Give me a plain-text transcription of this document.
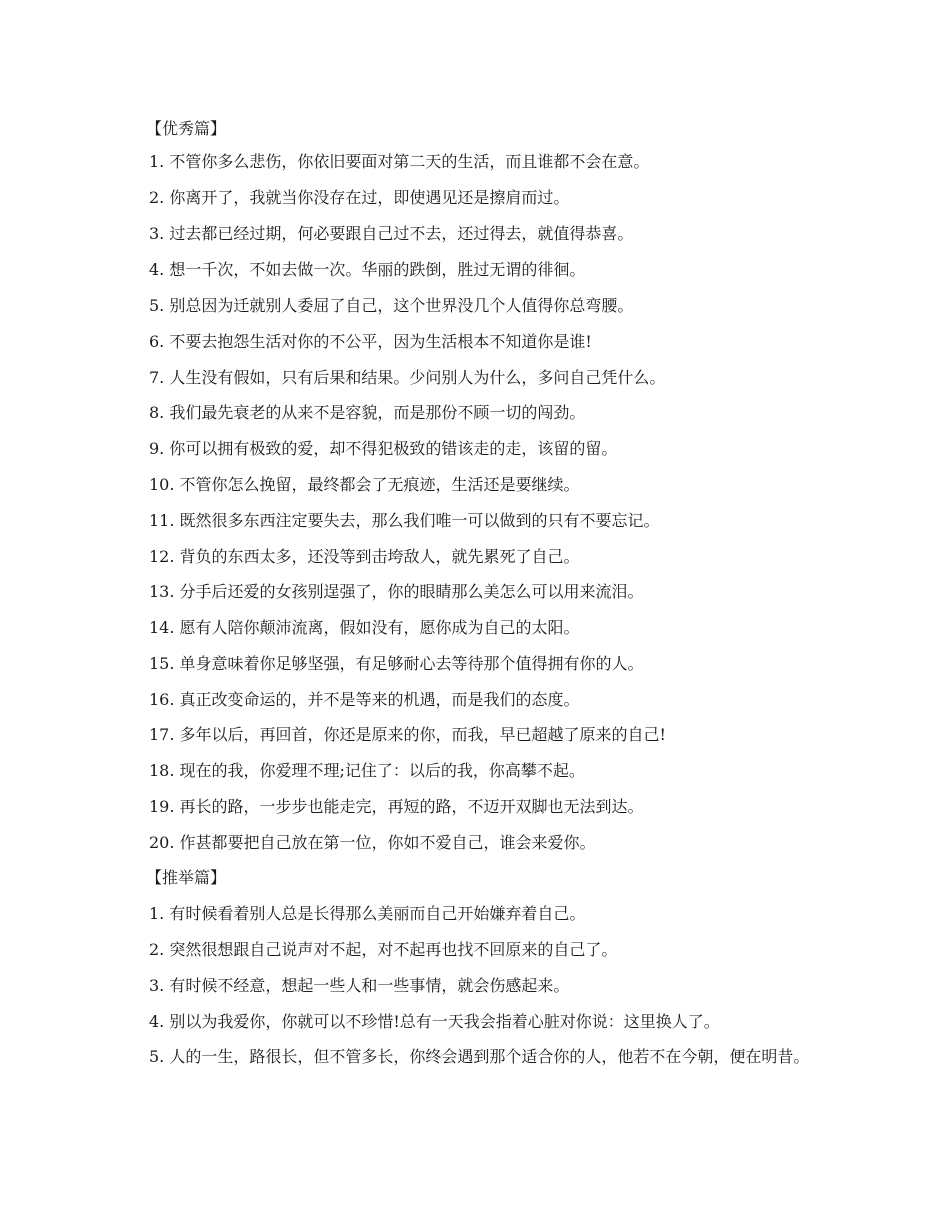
【优秀篇】
1. 不管你多么悲伤，你依旧要面对第二天的生活，而且谁都不会在意。
2. 你离开了，我就当你没存在过，即使遇见还是擦肩而过。
3. 过去都已经过期，何必要跟自己过不去，还过得去，就值得恭喜。
4. 想一千次，不如去做一次。华丽的跌倒，胜过无谓的徘徊。
5. 别总因为迁就别人委屈了自己，这个世界没几个人值得你总弯腰。
6. 不要去抱怨生活对你的不公平，因为生活根本不知道你是谁!
7. 人生没有假如，只有后果和结果。少问别人为什么，多问自己凭什么。
8. 我们最先衰老的从来不是容貌，而是那份不顾一切的闯劲。
9. 你可以拥有极致的爱，却不得犯极致的错该走的走，该留的留。
10. 不管你怎么挽留，最终都会了无痕迹，生活还是要继续。
11. 既然很多东西注定要失去，那么我们唯一可以做到的只有不要忘记。
12. 背负的东西太多，还没等到击垮敌人，就先累死了自己。
13. 分手后还爱的女孩别逞强了，你的眼睛那么美怎么可以用来流泪。
14. 愿有人陪你颠沛流离，假如没有，愿你成为自己的太阳。
15. 单身意味着你足够坚强，有足够耐心去等待那个值得拥有你的人。
16. 真正改变命运的，并不是等来的机遇，而是我们的态度。
17. 多年以后，再回首，你还是原来的你，而我，早已超越了原来的自己!
18. 现在的我，你爱理不理;记住了：以后的我，你高攀不起。
19. 再长的路，一步步也能走完，再短的路，不迈开双脚也无法到达。
20. 作甚都要把自己放在第一位，你如不爱自己，谁会来爱你。
【推举篇】
1. 有时候看着别人总是长得那么美丽而自己开始嫌弃着自己。
2. 突然很想跟自己说声对不起，对不起再也找不回原来的自己了。
3. 有时候不经意，想起一些人和一些事情，就会伤感起来。
4. 别以为我爱你，你就可以不珍惜!总有一天我会指着心脏对你说：这里换人了。

5. 人的一生，路很长，但不管多长，你终会遇到那个适合你的人，他若不在今朝，便在明昔。
